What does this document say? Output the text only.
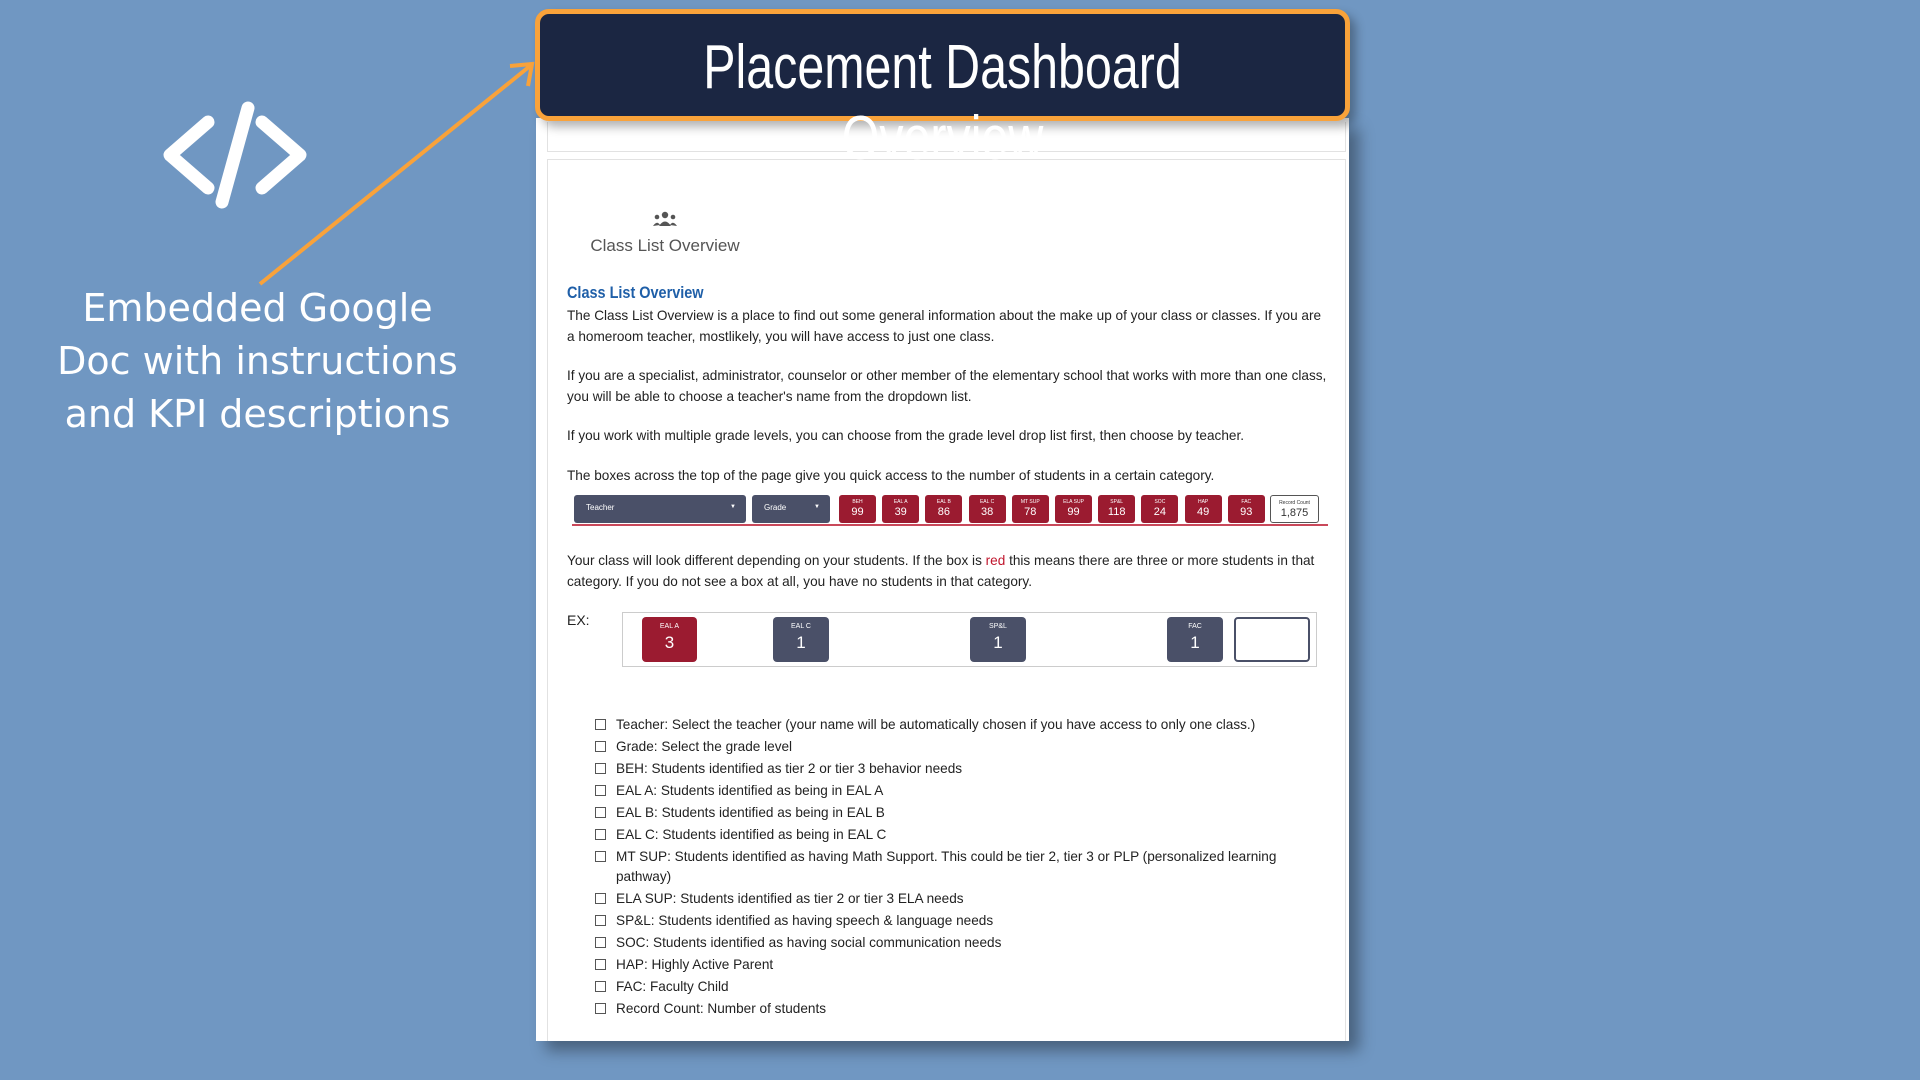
Embedded Google
Doc with instructions
and KPI descriptions
Placement Dashboard Overview
Class List Overview
Class List Overview
The Class List Overview is a place to find out some general information about the make up of your class or classes. If you are a homeroom teacher, mostlikely, you will have access to just one class.
If you are a specialist, administrator, counselor or other member of the elementary school that works with more than one class, you will be able to choose a teacher's name from the dropdown list.
If you work with multiple grade levels, you can choose from the grade level drop list first, then choose by teacher.
The boxes across the top of the page give you quick access to the number of students in a certain category.
Teacher	▼	Grade	▼
BEH
99
EAL A
39
EAL B
86
EAL C
38
MT SUP
78
ELA SUP
99
SP&L
118
SOC
24
HAP
49
FAC
93
Record Count
1,875
Your class will look different depending on your students. If the box is red this means there are three or more students in that category. If you do not see a box at all, you have no students in that category.
EX:	EAL A
3
EAL C
1
SP&L
1
FAC
1
Record Count
22
Teacher: Select the teacher (your name will be automatically chosen if you have access to only one class.)
Grade: Select the grade level
BEH: Students identified as tier 2 or tier 3 behavior needs
EAL A: Students identified as being in EAL A
EAL B: Students identified as being in EAL B
EAL C: Students identified as being in EAL C
MT SUP: Students identified as having Math Support. This could be tier 2, tier 3 or PLP (personalized learning pathway)
ELA SUP: Students identified as tier 2 or tier 3 ELA needs
SP&L: Students identified as having speech & language needs
SOC: Students identified as having social communication needs
HAP: Highly Active Parent
FAC: Faculty Child
Record Count: Number of students
